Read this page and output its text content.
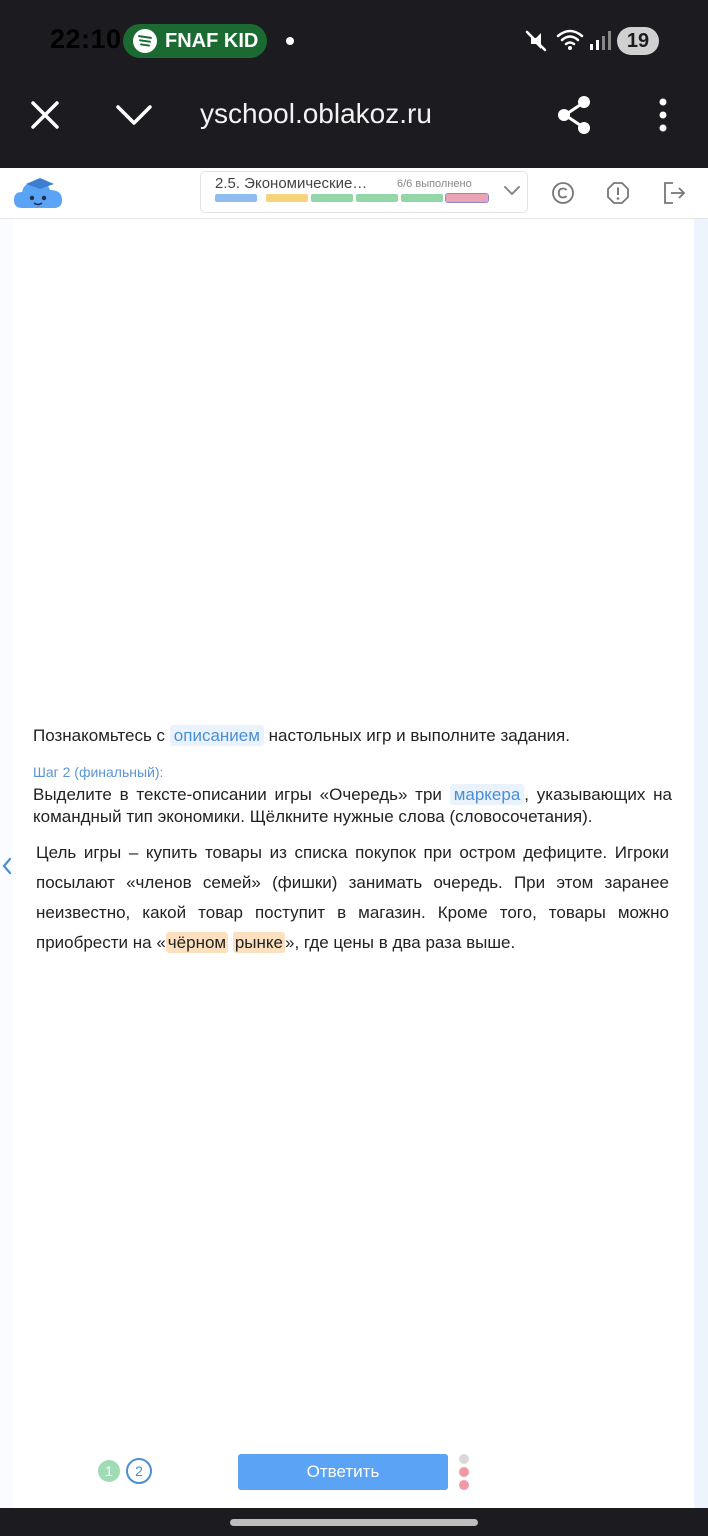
22:10 FNAF KID	19
yschool.oblakoz.ru
2.5. Экономические…	6/6 выполнено
Познакомьтесь с описанием настольных игр и выполните задания.
Шаг 2 (финальный):
Выделите в тексте-описании игры «Очередь» три маркера , указывающих на командный тип экономики. Щёлкните нужные слова (словосочетания).
Цель игры – купить товары из списка покупок при остром дефиците. Игроки посылают «членов семей» (фишки) занимать очередь. При этом заранее неизвестно, какой товар поступит в магазин. Кроме того, товары можно приобрести на « чёрном рынке », где цены в два раза выше.
1	2	Ответить
